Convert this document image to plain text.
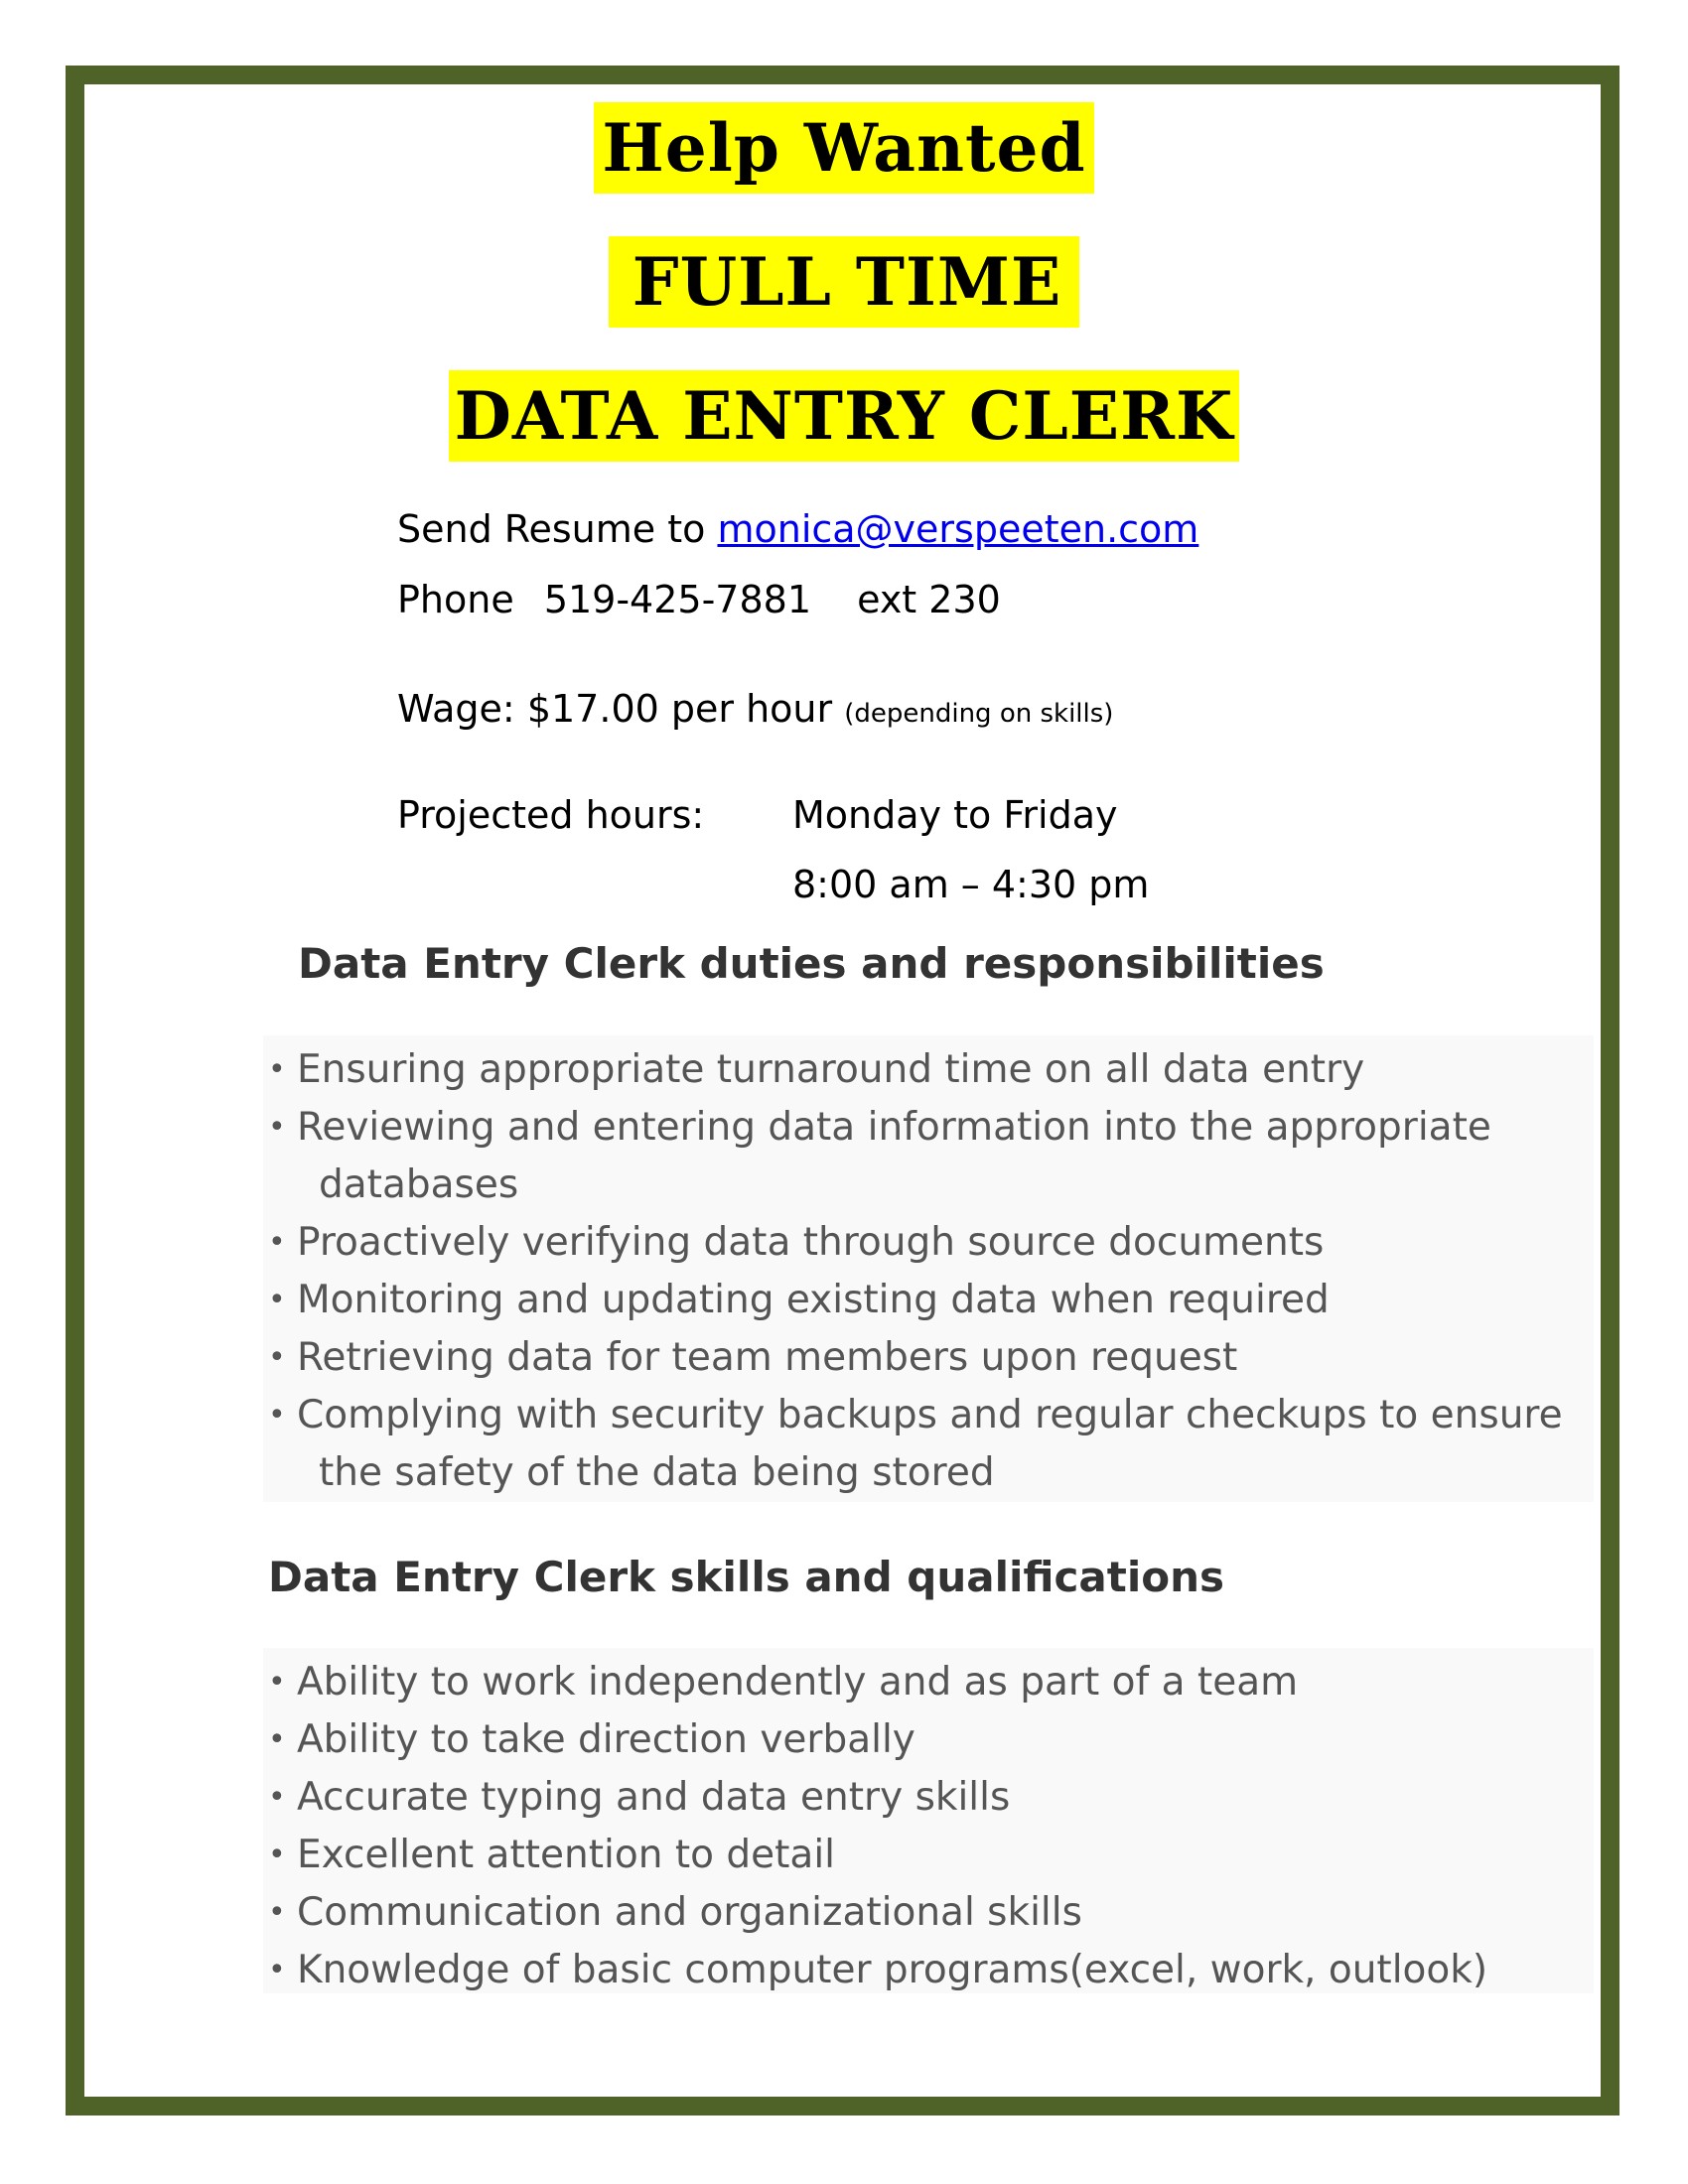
Help Wanted
FULL TIME
DATA ENTRY CLERK
Send Resume to monica@verspeeten.com
Phone 519-425-7881 ext 230
Wage: $17.00 per hour (depending on skills)
Projected hours: Monday to Friday
8:00 am – 4:30 pm
Data Entry Clerk duties and responsibilities
• Ensuring appropriate turnaround time on all data entry
• Reviewing and entering data information into the appropriate
databases
• Proactively verifying data through source documents
• Monitoring and updating existing data when required
• Retrieving data for team members upon request
• Complying with security backups and regular checkups to ensure
the safety of the data being stored
Data Entry Clerk skills and qualifications
• Ability to work independently and as part of a team
• Ability to take direction verbally
• Accurate typing and data entry skills
• Excellent attention to detail
• Communication and organizational skills
• Knowledge of basic computer programs(excel, work, outlook)
